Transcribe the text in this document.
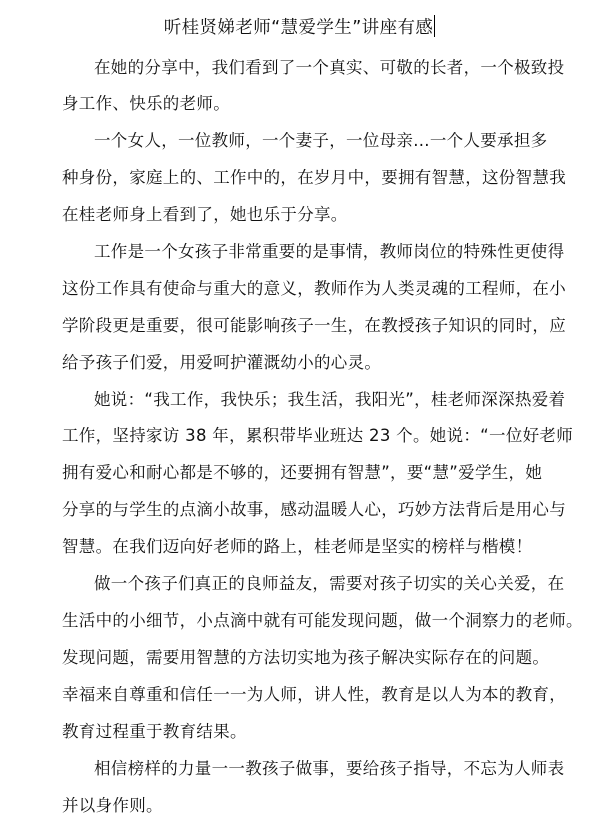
听桂贤娣老师“慧爱学生”讲座有感
在她的分享中，我们看到了一个真实、可敬的长者，一个极致投
身工作、快乐的老师。
一个女人，一位教师，一个妻子，一位母亲...一个人要承担多
种身份，家庭上的、工作中的，在岁月中，要拥有智慧，这份智慧我
在桂老师身上看到了，她也乐于分享。
工作是一个女孩子非常重要的是事情，教师岗位的特殊性更使得
这份工作具有使命与重大的意义，教师作为人类灵魂的工程师，在小
学阶段更是重要，很可能影响孩子一生，在教授孩子知识的同时，应
给予孩子们爱，用爱呵护灌溉幼小的心灵。
她说：“我工作，我快乐；我生活，我阳光”，桂老师深深热爱着
工作，坚持家访 38 年，累积带毕业班达 23 个。她说：“一位好老师
拥有爱心和耐心都是不够的，还要拥有智慧”，要“慧”爱学生，她
分享的与学生的点滴小故事，感动温暖人心，巧妙方法背后是用心与
智慧。在我们迈向好老师的路上，桂老师是坚实的榜样与楷模！
做一个孩子们真正的良师益友，需要对孩子切实的关心关爱，在
生活中的小细节，小点滴中就有可能发现问题，做一个洞察力的老师。
发现问题，需要用智慧的方法切实地为孩子解决实际存在的问题。
幸福来自尊重和信任一一为人师，讲人性，教育是以人为本的教育，
教育过程重于教育结果。
相信榜样的力量一一教孩子做事，要给孩子指导，不忘为人师表
并以身作则。
